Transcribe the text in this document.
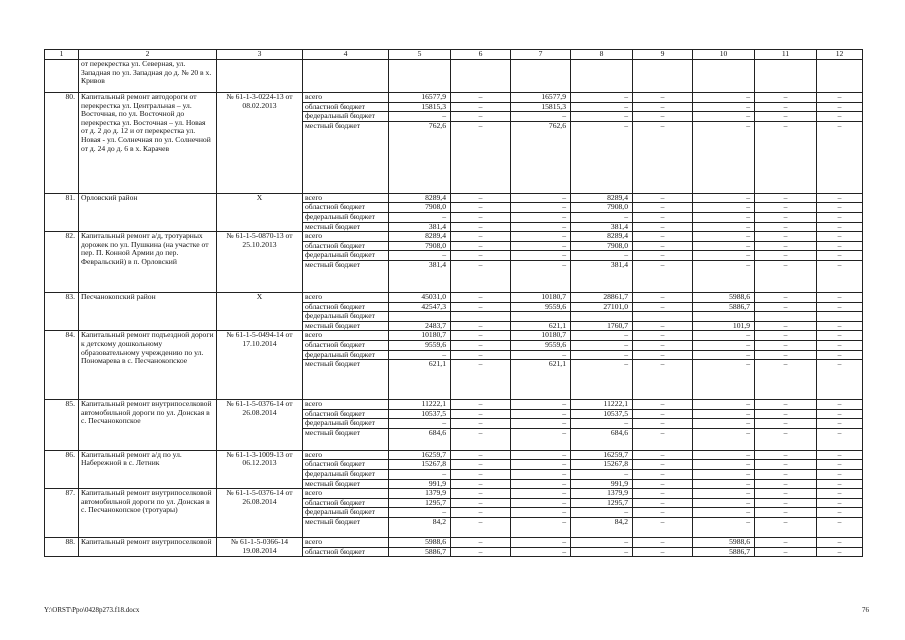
1	2	3	4	5	6	7	8	9	10	11	12
	от перекрестка ул. Северная, ул. Западная по ул. Западная до д. № 20 в х. Кривов										
80.	Капитальный ремонт автодороги от перекрестка ул. Центральная – ул. Восточная, по ул. Восточной до перекрестка ул. Восточная – ул. Новая от д. 2 до д. 12 и от перекрестка ул. Новая - ул. Солнечная по ул. Солнечной от д. 24 до д. 6 в х. Карачев	№ 61-1-3-0224-13 от 08.02.2013	всего	16577,9	–	16577,9	–	–	–	–	–
			областной бюджет	15815,3	–	15815,3	–	–	–	–	–
			федеральный бюджет	–	–	–	–	–	–	–	–
			местный бюджет	762,6	–	762,6	–	–	–	–	–
81.	Орловский район	Х	всего	8289,4	–	–	8289,4	–	–	–	–
			областной бюджет	7908,0	–	–	7908,0	–	–	–	–
			федеральный бюджет	–	–	–	–	–	–	–	–
			местный бюджет	381,4	–	–	381,4	–	–	–	–
82.	Капитальный ремонт а/д, тротуарных дорожек по ул. Пушкина (на участке от пер. П. Конной Армии до пер. Февральский) в п. Орловский	№ 61-1-5-0870-13 от 25.10.2013	всего	8289,4	–	–	8289,4	–	–	–	–
			областной бюджет	7908,0	–	–	7908,0	–	–	–	–
			федеральный бюджет	–	–	–	–	–	–	–	–
			местный бюджет	381,4	–	–	381,4	–	–	–	–
83.	Песчанокопский район	Х	всего	45031,0	–	10180,7	28861,7	–	5988,6	–	–
			областной бюджет	42547,3	–	9559,6	27101,0	–	5886,7	–	–
			федеральный бюджет								
			местный бюджет	2483,7	–	621,1	1760,7	–	101,9	–	–
84.	Капитальный ремонт подъездной дороги к детскому дошкольному образовательному учреждению по ул. Пономарева в с. Песчанокопское	№ 61-1-5-0494-14 от 17.10.2014	всего	10180,7	–	10180,7	–	–	–	–	–
			областной бюджет	9559,6	–	9559,6	–	–	–	–	–
			федеральный бюджет	–	–	–	–	–	–	–	–
			местный бюджет	621,1	–	621,1	–	–	–	–	–
85.	Капитальный ремонт внутрипоселковой автомобильной дороги по ул. Донская в с. Песчанокопское	№ 61-1-5-0376-14 от 26.08.2014	всего	11222,1	–	–	11222,1	–	–	–	–
			областной бюджет	10537,5	–	–	10537,5	–	–	–	–
			федеральный бюджет	–	–	–	–	–	–	–	–
			местный бюджет	684,6	–	–	684,6	–	–	–	–
86.	Капитальный ремонт а/д по ул. Набережной в с. Летник	№ 61-1-3-1009-13 от 06.12.2013	всего	16259,7	–	–	16259,7	–	–	–	–
			областной бюджет	15267,8	–	–	15267,8	–	–	–	–
			федеральный бюджет	–	–	–	–	–	–	–	–
			местный бюджет	991,9	–	–	991,9	–	–	–	–
87.	Капитальный ремонт внутрипоселковой автомобильной дороги по ул. Донская в с. Песчанокопское (тротуары)	№ 61-1-5-0376-14 от 26.08.2014	всего	1379,9	–	–	1379,9	–	–	–	–
			областной бюджет	1295,7	–	–	1295,7	–	–	–	–
			федеральный бюджет	–	–	–	–	–	–	–	–
			местный бюджет	84,2	–	–	84,2	–	–	–	–
88.	Капитальный ремонт внутрипоселковой	№ 61-1-5-0366-14 19.08.2014	всего	5988,6	–	–	–	–	5988,6	–	–
			областной бюджет	5886,7	–	–	–	–	5886,7	–	–
Y:\ORST\Ppo\0428p273.f18.docx	76
